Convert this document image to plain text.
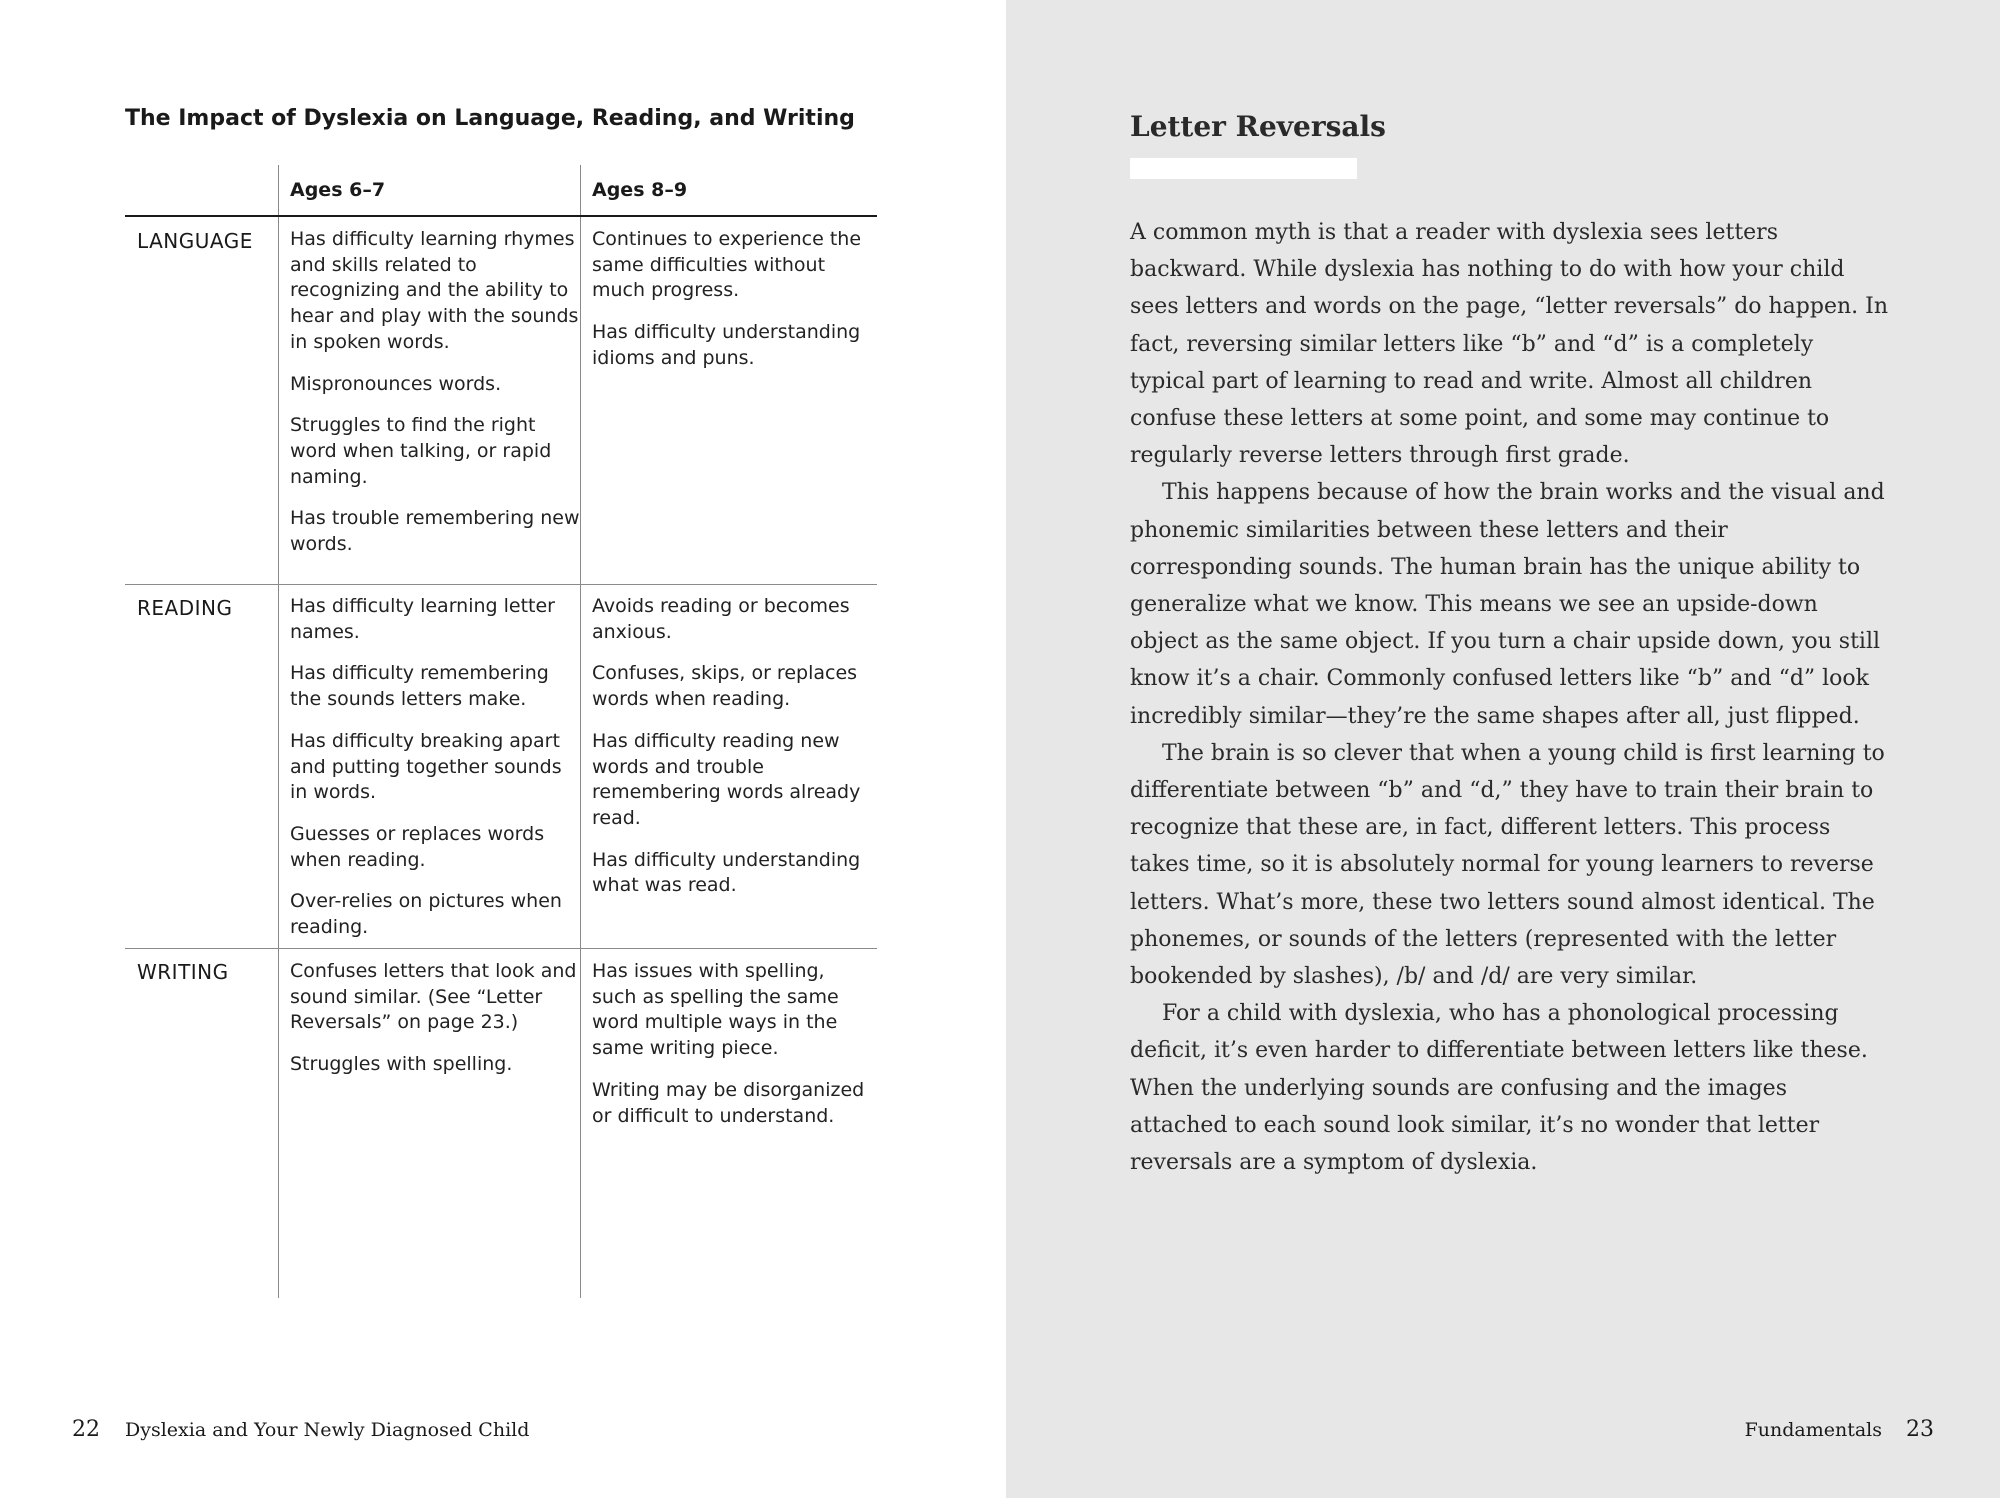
The Impact of Dyslexia on Language, Reading, and Writing
Ages 6–7	Ages 8–9
LANGUAGE
READING
WRITING

Has difficulty learning rhymes and skills related to recognizing and the ability to hear and play with the sounds in spoken words.

Mispronounces words.

Struggles to find the right word when talking, or rapid naming.

Has trouble remembering new words.

Continues to experience the same difficulties without much progress.

Has difficulty understanding idioms and puns.

Has difficulty learning letter names.

Has difficulty remembering the sounds letters make.

Has difficulty breaking apart and putting together sounds in words.

Guesses or replaces words when reading.

Over-relies on pictures when reading.

Avoids reading or becomes anxious.

Confuses, skips, or replaces words when reading.

Has difficulty reading new words and trouble remembering words already read.

Has difficulty understanding what was read.

Confuses letters that look and sound similar. (See “Letter Reversals” on page 23.)

Struggles with spelling.

Has issues with spelling, such as spelling the same word multiple ways in the same writing piece.

Writing may be disorganized or difficult to understand.

22 Dyslexia and Your Newly Diagnosed Child
Letter Reversals

A common myth is that a reader with dyslexia sees letters backward. While dyslexia has nothing to do with how your child sees letters and words on the page, “letter reversals” do happen. In fact, reversing similar letters like “b” and “d” is a completely typical part of learning to read and write. Almost all children confuse these letters at some point, and some may continue to regularly reverse letters through first grade.

This happens because of how the brain works and the visual and phonemic similarities between these letters and their corresponding sounds. The human brain has the unique ability to generalize what we know. This means we see an upside-down object as the same object. If you turn a chair upside down, you still know it’s a chair. Commonly confused letters like “b” and “d” look incredibly similar—they’re the same shapes after all, just flipped.

The brain is so clever that when a young child is first learning to differentiate between “b” and “d,” they have to train their brain to recognize that these are, in fact, different letters. This process takes time, so it is absolutely normal for young learners to reverse letters. What’s more, these two letters sound almost identical. The phonemes, or sounds of the letters (represented with the letter bookended by slashes), /b/ and /d/ are very similar.

For a child with dyslexia, who has a phonological processing deficit, it’s even harder to differentiate between letters like these. When the underlying sounds are confusing and the images attached to each sound look similar, it’s no wonder that letter reversals are a symptom of dyslexia.

Fundamentals 23
